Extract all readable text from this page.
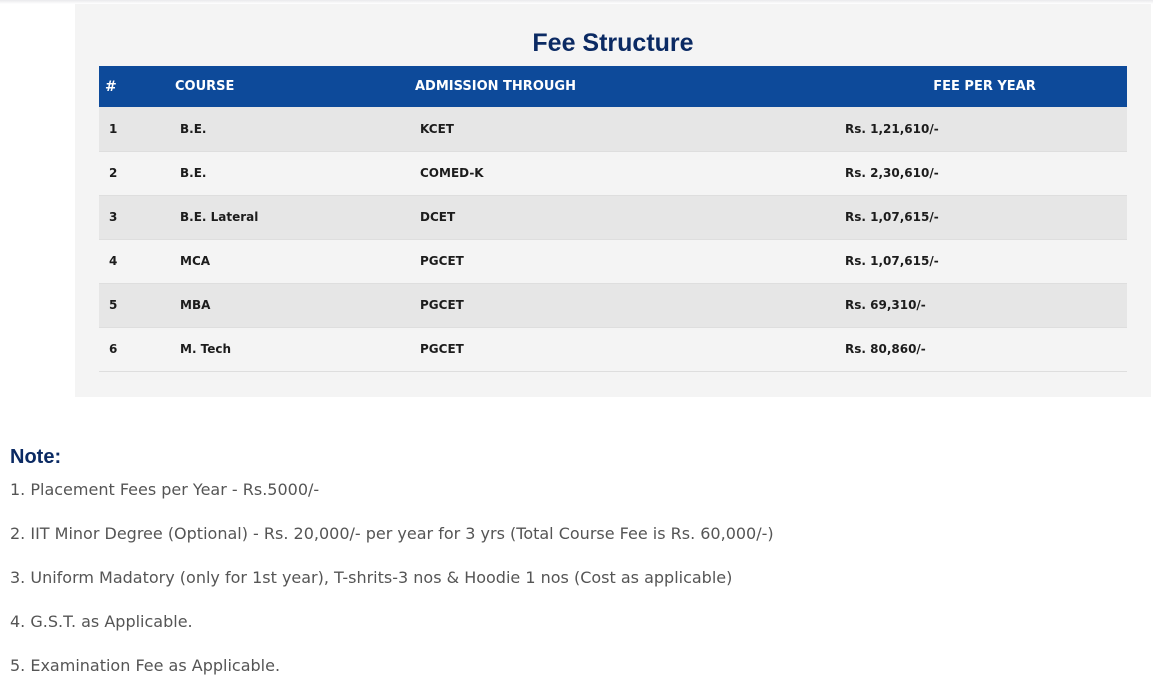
Fee Structure
#	COURSE	ADMISSION THROUGH	FEE PER YEAR
1	B.E.	KCET	Rs. 1,21,610/-
2	B.E.	COMED-K	Rs. 2,30,610/-
3	B.E. Lateral	DCET	Rs. 1,07,615/-
4	MCA	PGCET	Rs. 1,07,615/-
5	MBA	PGCET	Rs. 69,310/-
6	M. Tech	PGCET	Rs. 80,860/-
Note:
1. Placement Fees per Year - Rs.5000/-
2. IIT Minor Degree (Optional) - Rs. 20,000/- per year for 3 yrs (Total Course Fee is Rs. 60,000/-)
3. Uniform Madatory (only for 1st year), T-shrits-3 nos & Hoodie 1 nos (Cost as applicable)
4. G.S.T. as Applicable.
5. Examination Fee as Applicable.
